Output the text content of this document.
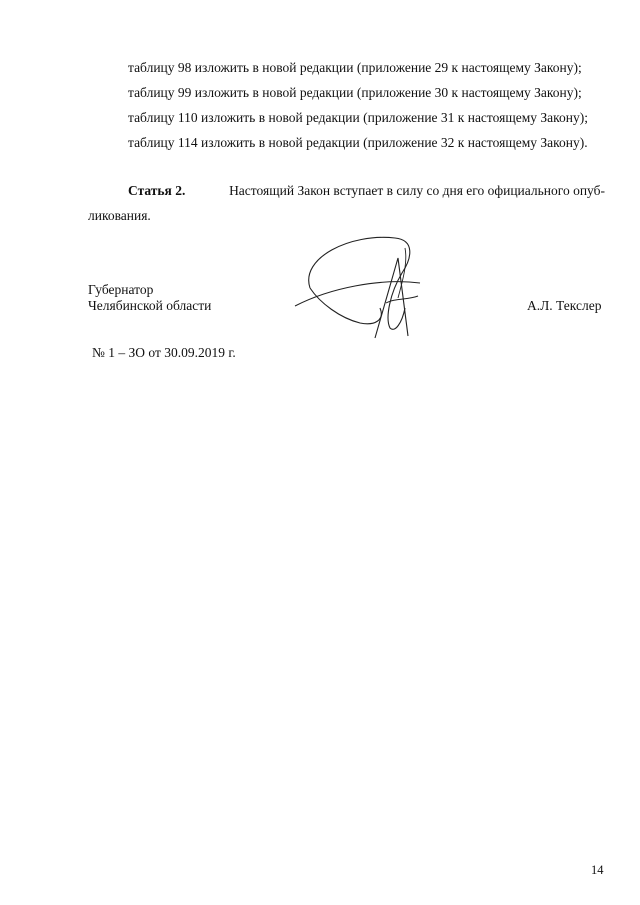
таблицу 98 изложить в новой редакции (приложение 29 к настоящему Закону);
таблицу 99 изложить в новой редакции (приложение 30 к настоящему Закону);
таблицу 110 изложить в новой редакции (приложение 31 к настоящему Закону);
таблицу 114 изложить в новой редакции (приложение 32 к настоящему Закону).
Статья 2.	Настоящий Закон вступает в силу со дня его официального опуб-
ликования.
Губернатор
Челябинской области	А.Л. Текслер
№ 1 – ЗО от 30.09.2019 г.
14
